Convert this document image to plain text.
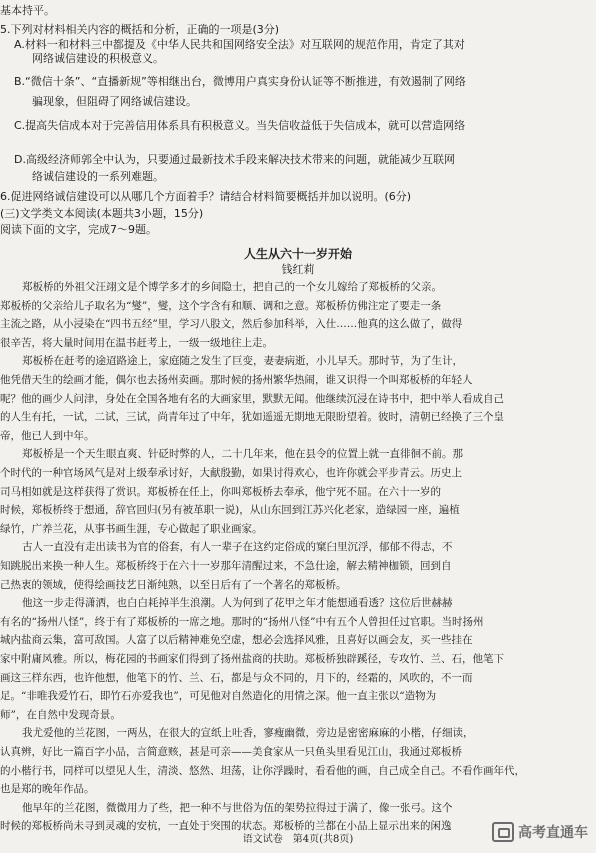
基本持平。
5.下列对材料相关内容的概括和分析，正确的一项是(3分)
A.材料一和材料三中都提及《中华人民共和国网络安全法》对互联网的规范作用，肯定了其对
网络诚信建设的积极意义。
B.“微信十条”、“直播新规”等相继出台，微博用户真实身份认证等不断推进，有效遏制了网络
骗现象，但阻碍了网络诚信建设。
C.提高失信成本对于完善信用体系具有积极意义。当失信收益低于失信成本，就可以营造网络
D.高级经济师郭全中认为，只要通过最新技术手段来解决技术带来的问题，就能减少互联网
络诚信建设的一系列难题。
6.促进网络诚信建设可以从哪几个方面着手？请结合材料简要概括并加以说明。(6分)
(三)文学类文本阅读(本题共3小题，15分)
阅读下面的文字，完成7～9题。
人生从六十一岁开始
钱红莉
郑板桥的外祖父汪翊文是个博学多才的乡间隐士，把自己的一个女儿嫁给了郑板桥的父亲。
郑板桥的父亲给儿子取名为“燮”，燮，这个字含有和顺、调和之意。郑板桥仿佛注定了要走一条
主流之路，从小浸染在“四书五经”里，学习八股文，然后参加科举，入仕……他真的这么做了，做得
很辛苦，将大量时间用在温书赶考上，一级一级地往上走。
郑板桥在赶考的途迢路途上，家庭随之发生了巨变，妻妻病逝，小儿早夭。那时节，为了生计，
他凭借天生的绘画才能，偶尔也去扬州卖画。那时候的扬州繁华热闹，谁又识得一个叫郑板桥的年轻人
呢？他的画少人问津，身处在全国各地有名的大画家里，默默无闻。他继续沉浸在诗书中，把中举人看成自己
的人生有托，一试，二试，三试，尚青年过了中年，犹如遥遥无期地无限盼望着。彼时，清朝已经换了三个皇
帝，他已人到中年。
郑板桥是一个天生眼直爽、针砭时弊的人，二十几年来，他在县令的位置上就一直徘徊不前。那
个时代的一种官场风气是对上级奉承讨好，大献殷勤，如果讨得欢心，也许你就会平步青云。历史上
司马相如就是这样获得了赏识。郑板桥在任上，你叫郑板桥去奉承，他宁死不屈。在六十一岁的
时候，郑板桥终于想通，辞官回归(另有被革职一说)，从山东回到江苏兴化老家，造绿园一座，遍植
绿竹，广养兰花，从事书画生涯，专心做起了职业画家。
古人一直没有走出读书为官的俗套，有人一辈子在这约定俗成的窠臼里沉浮，郁郁不得志，不
知跳脱出来换一种人生。郑板桥终于在六十一岁那年清醒过来，不急仕途，解去精神枷锁，回到自
己热衷的领域，使得绘画技艺日渐纯熟，以至日后有了一个著名的郑板桥。
他这一步走得潇洒，也白白耗掉半生浪潮。人为何到了花甲之年才能想通看透？这位后世赫赫
有名的“扬州八怪”，终于有了郑板桥的一席之地。那时的“扬州八怪”中有五个人曾担任过官职。当时扬州
城内盐商云集，富可敌国。人富了以后精神难免空虚，想必会选择风雅，且喜好以画会友，买一些挂在
家中附庸风雅。所以，梅花园的书画家们得到了扬州盐商的扶助。郑板桥独辟蹊径，专攻竹、兰、石，他笔下
画这三样东西，也许他想，他笔下的竹、兰、石，都是与众不同的，月下的，经霜的，风吹的，不一而
足。“非唯我爱竹石，即竹石亦爱我也”，可见他对自然造化的用情之深。他一直主张以“造物为
师”，在自然中发现奇景。
我尤爱他的兰花图，一两丛，在很大的宣纸上吐香，寥瘦幽微，旁边是密密麻麻的小楷，仔细读，
认真辨，好比一篇百字小品，言简意赅，甚是可亲——美食家从一只鱼头里看见江山，我通过郑板桥
的小楷行书，同样可以望见人生，清淡、悠然、坦荡，让你浮躁时，看看他的画，自己成全自己。不看作画年代，
也是郑的晚年作品。
他早年的兰花图，微微用力了些，把一种不与世俗为伍的架势拉得过于满了，像一张弓。这个
时候的郑板桥尚未寻到灵魂的安杭，一直处于突围的状态。郑板桥的兰都在小品上显示出来的闲逸
语文试卷　第4页(共8页)	高考直通车
